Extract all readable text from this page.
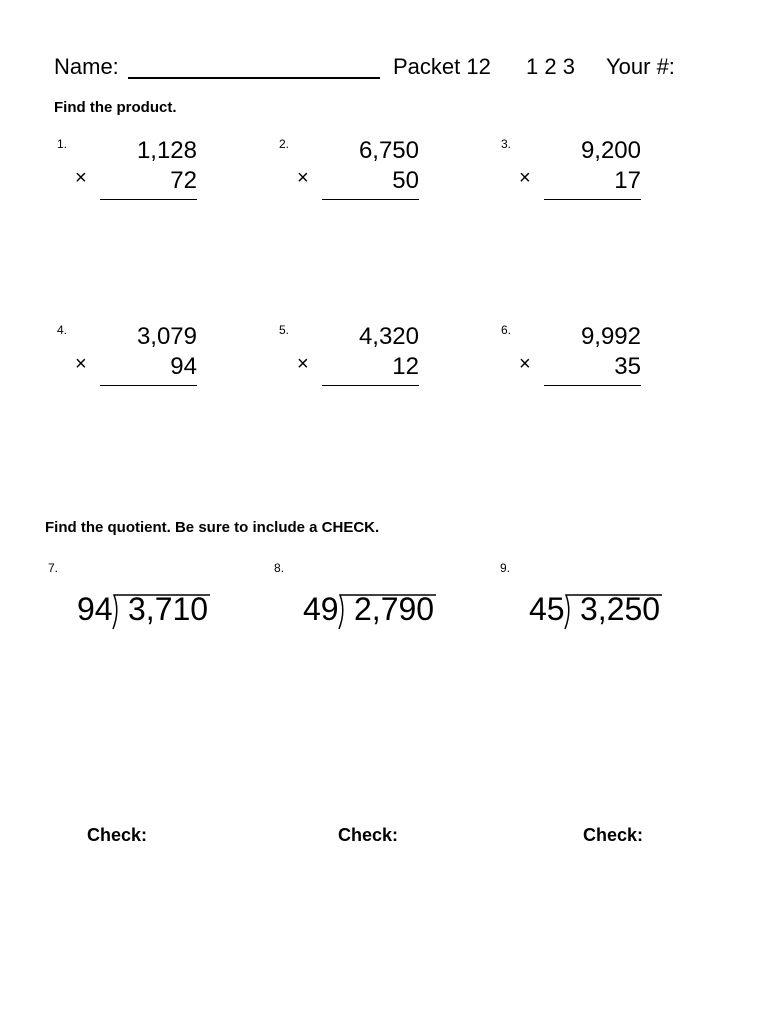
Name:	Packet 12 1 2 3 Your #:
Find the product.
1.	1,128
×	72
2.	6,750
×	50
3.	9,200
×	17
4.	3,079
×	94
5.	4,320
×	12
6.	9,992
×	35
Find the quotient. Be sure to include a CHECK.
7.
94 3,710
8.
49 2,790
9.
45 3,250
Check:	Check:	Check:
